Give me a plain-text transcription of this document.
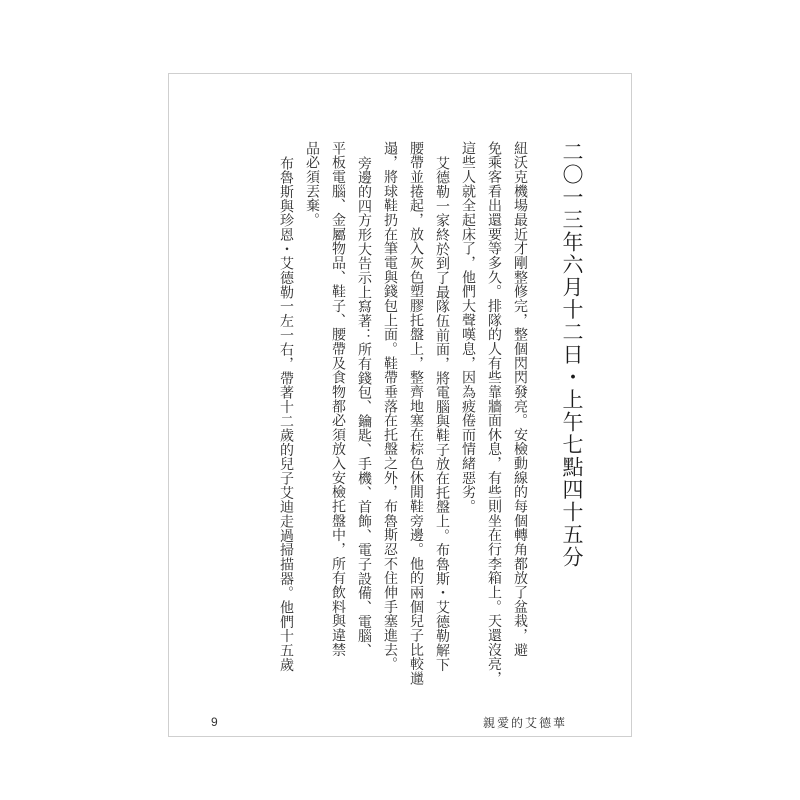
二〇一三年六月十二日・上午七點四十五分
紐沃克機場最近才剛整修完，整個閃閃發亮。安檢動線的每個轉角都放了盆栽，避
免乘客看出還要等多久。排隊的人有些靠牆面休息，有些則坐在行李箱上。天還沒亮，
這些人就全起床了，他們大聲嘆息，因為疲倦而情緒惡劣。
艾德勒一家終於到了最隊伍前面，將電腦與鞋子放在托盤上。布魯斯・艾德勒解下
腰帶並捲起，放入灰色塑膠托盤上，整齊地塞在棕色休閒鞋旁邊。他的兩個兒子比較邋
遢，將球鞋扔在筆電與錢包上面。鞋帶垂落在托盤之外，布魯斯忍不住伸手塞進去。
旁邊的四方形大告示上寫著：所有錢包、鑰匙、手機、首飾、電子設備、電腦、
平板電腦、金屬物品、鞋子、腰帶及食物都必須放入安檢托盤中，所有飲料與違禁
品必須丟棄。
布魯斯與珍恩・艾德勒一左一右，帶著十二歲的兒子艾迪走過掃描器。他們十五歲
9	親愛的艾德華
